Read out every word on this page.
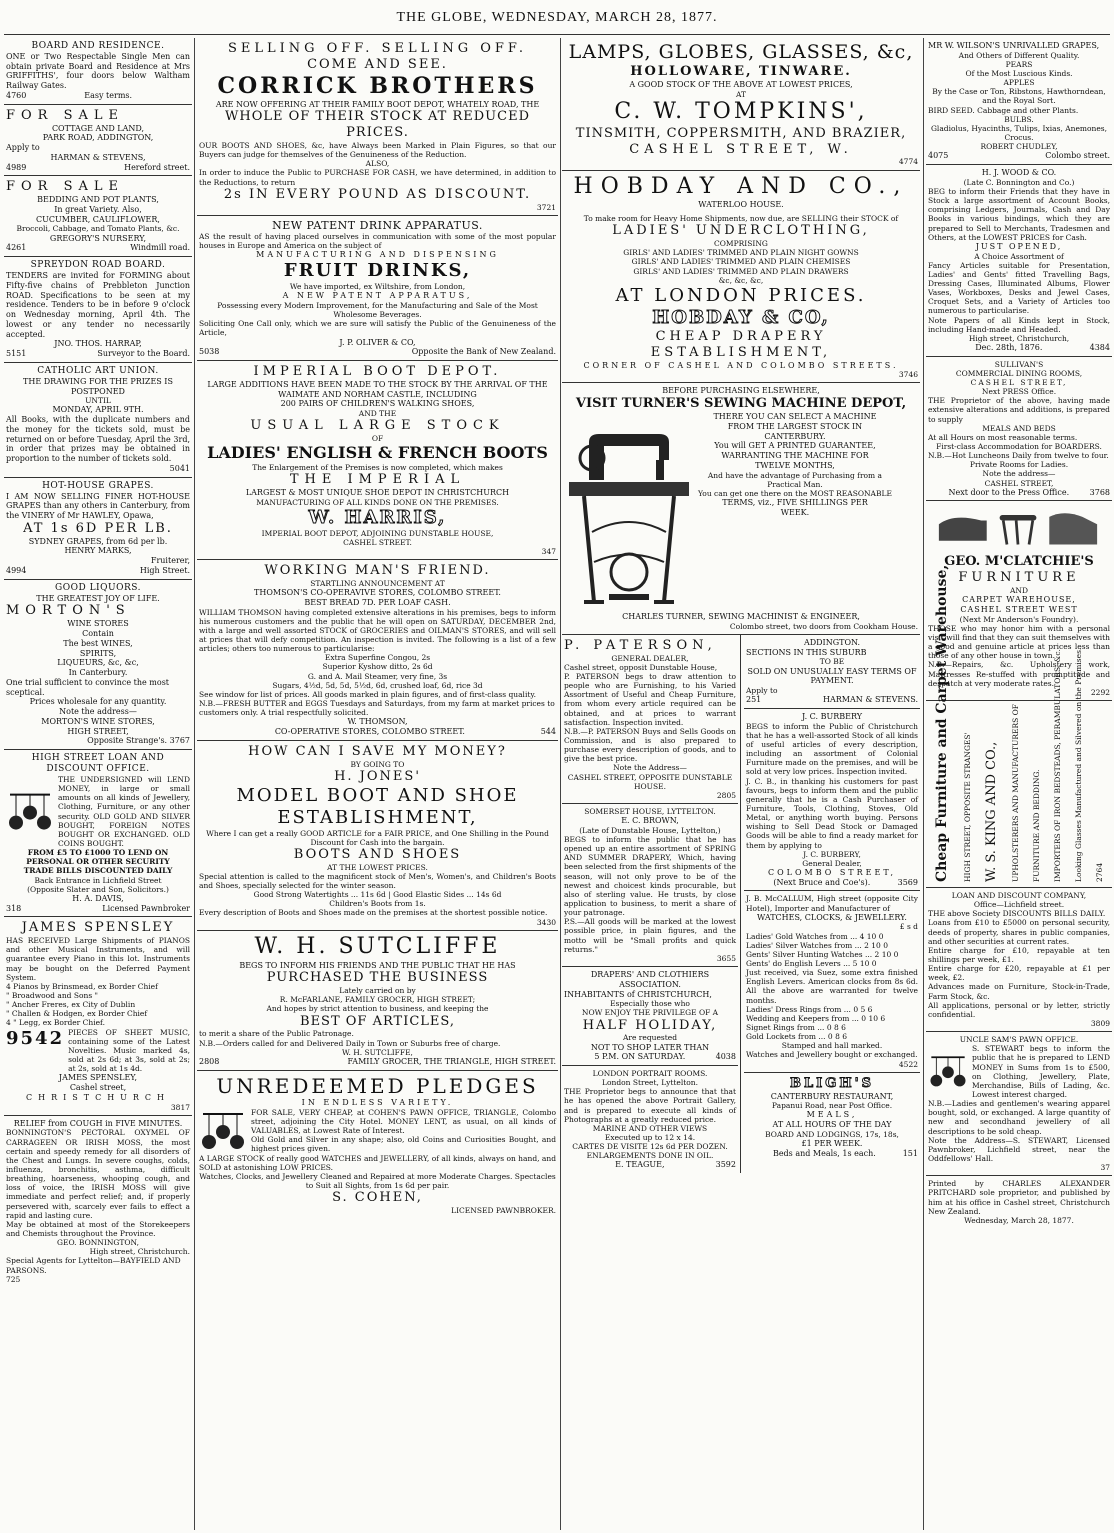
THE GLOBE, WEDNESDAY, MARCH 28, 1877.
BOARD AND RESIDENCE.
ONE or Two Respectable Single Men can obtain private Board and Residence at Mrs GRIFFITHS', four doors below Waltham Railway Gates.
4760	Easy terms.
FOR SALE
COTTAGE AND LAND,
PARK ROAD, ADDINGTON,
Apply to
HARMAN & STEVENS,
4989	Hereford street.
FOR SALE
BEDDING AND POT PLANTS,
In great Variety. Also,
CUCUMBER, CAULIFLOWER,
Broccoli, Cabbage, and Tomato Plants, &c.
GREGORY'S NURSERY,
4261	Windmill road.
SPREYDON ROAD BOARD.
TENDERS are invited for FORMING about Fifty-five chains of Prebbleton Junction ROAD. Specifications to be seen at my residence. Tenders to be in before 9 o'clock on Wednesday morning, April 4th. The lowest or any tender no necessarily accepted.
JNO. THOS. HARRAP,
5151	Surveyor to the Board.
CATHOLIC ART UNION.
THE DRAWING FOR THE PRIZES IS POSTPONED
UNTIL
MONDAY, APRIL 9TH.
All Books, with the duplicate numbers and the money for the tickets sold, must be returned on or before Tuesday, April the 3rd, in order that prizes may be obtained in proportion to the number of tickets sold.
5041
HOT-HOUSE GRAPES.
I AM NOW SELLING FINER HOT-HOUSE GRAPES than any others in Canterbury, from the VINERY of Mr HAWLEY, Opawa,
AT 1s 6D PER LB.
SYDNEY GRAPES, from 6d per lb.
HENRY MARKS,
Fruiterer,
4994	High Street.
GOOD LIQUORS.
THE GREATEST JOY OF LIFE.
MORTON'S
WINE STORES
Contain
The best WINES,
SPIRITS,
LIQUEURS, &c, &c,
In Canterbury.
One trial sufficient to convince the most sceptical.
Prices wholesale for any quantity.
Note the address—
MORTON'S WINE STORES,
HIGH STREET,
Opposite Strange's. 3767
HIGH STREET LOAN AND DISCOUNT OFFICE.
THE UNDERSIGNED will LEND MONEY, in large or small amounts on all kinds of Jewellery, Clothing, Furniture, or any other security. OLD GOLD AND SILVER BOUGHT, FOREIGN NOTES BOUGHT OR EXCHANGED. OLD COINS BOUGHT.
FROM £5 TO £1000 TO LEND ON PERSONAL OR OTHER SECURITY
TRADE BILLS DISCOUNTED DAILY
Back Entrance in Lichfield Street
(Opposite Slater and Son, Solicitors.)
H. A. DAVIS,
318	Licensed Pawnbroker
JAMES SPENSLEY
HAS RECEIVED Large Shipments of PIANOS and other Musical Instruments, and will guarantee every Piano in this lot. Instruments may be bought on the Deferred Payment System.
4 Pianos by Brinsmead, ex Border Chief
" Broadwood and Sons "
" Ancher Freres, ex City of Dublin
" Challen & Hodgen, ex Border Chief
4 " Legg, ex Border Chief.
9542 PIECES OF SHEET MUSIC, containing some of the Latest Novelties. Music marked 4s, sold at 2s 6d; at 3s, sold at 2s; at 2s, sold at 1s 4d.
JAMES SPENSLEY,
Cashel street,
CHRISTCHURCH
3817
RELIEF from COUGH in FIVE MINUTES.
BONNINGTON'S PECTORAL OXYMEL OF CARRAGEEN OR IRISH MOSS, the most certain and speedy remedy for all disorders of the Chest and Lungs. In severe coughs, colds, influenza, bronchitis, asthma, difficult breathing, hoarseness, whooping cough, and loss of voice, the IRISH MOSS will give immediate and perfect relief; and, if properly persevered with, scarcely ever fails to effect a rapid and lasting cure.
May be obtained at most of the Storekeepers and Chemists throughout the Province.
GEO. BONNINGTON,
High street, Christchurch.
Special Agents for Lyttelton—BAYFIELD AND PARSONS.
725
SELLING OFF. SELLING OFF.
COME AND SEE.
CORRICK BROTHERS
ARE NOW OFFERING AT THEIR FAMILY BOOT DEPOT, WHATELY ROAD, THE
WHOLE OF THEIR STOCK AT REDUCED PRICES.
OUR BOOTS AND SHOES, &c, have Always been Marked in Plain Figures, so that our Buyers can judge for themselves of the Genuineness of the Reduction.
ALSO,
In order to induce the Public to PURCHASE FOR CASH, we have determined, in addition to the Reductions, to return
2s IN EVERY POUND AS DISCOUNT.
3721
NEW PATENT DRINK APPARATUS.
AS the result of having placed ourselves in communication with some of the most popular houses in Europe and America on the subject of
MANUFACTURING AND DISPENSING
FRUIT DRINKS,
We have imported, ex Wiltshire, from London,
A NEW PATENT APPARATUS,
Possessing every Modern Improvement, for the Manufacturing and Sale of the Most Wholesome Beverages.
Soliciting One Call only, which we are sure will satisfy the Public of the Genuineness of the Article,
J. P. OLIVER & CO,
5038	Opposite the Bank of New Zealand.
IMPERIAL BOOT DEPOT.
LARGE ADDITIONS HAVE BEEN MADE TO THE STOCK BY THE ARRIVAL OF THE WAIMATE AND NORHAM CASTLE, INCLUDING
200 PAIRS OF CHILDREN'S WALKING SHOES,
AND THE
USUAL LARGE STOCK
OF
LADIES' ENGLISH & FRENCH BOOTS
The Enlargement of the Premises is now completed, which makes
THE IMPERIAL
LARGEST & MOST UNIQUE SHOE DEPOT IN CHRISTCHURCH
MANUFACTURING OF ALL KINDS DONE ON THE PREMISES.
W. HARRIS,
IMPERIAL BOOT DEPOT, ADJOINING DUNSTABLE HOUSE,
CASHEL STREET.
347
WORKING MAN'S FRIEND.
STARTLING ANNOUNCEMENT AT
THOMSON'S CO-OPERAVIVE STORES, COLOMBO STREET.
BEST BREAD 7D. PER LOAF CASH.
WILLIAM THOMSON having completed extensive alterations in his premises, begs to inform his numerous customers and the public that he will open on SATURDAY, DECEMBER 2nd, with a large and well assorted STOCK of GROCERIES and OILMAN'S STORES, and will sell at prices that will defy competition. An inspection is invited. The following is a list of a few articles; others too numerous to particularise:
Extra Superfine Congou, 2s
Superior Kyshow ditto, 2s 6d
G. and A. Mail Steamer, very fine, 3s
Sugars, 4½d, 5d, 5d, 5½d, 6d, crushed loaf, 6d, rice 3d
See window for list of prices. All goods marked in plain figures, and of first-class quality.
N.B.—FRESH BUTTER and EGGS Tuesdays and Saturdays, from my farm at market prices to customers only. A trial respectfully solicited.
W. THOMSON,
CO-OPERATIVE STORES, COLOMBO STREET.	544
HOW CAN I SAVE MY MONEY?
BY GOING TO
H. JONES'
MODEL BOOT AND SHOE
ESTABLISHMENT,
Where I can get a really GOOD ARTICLE for a FAIR PRICE, and One Shilling in the Pound Discount for Cash into the bargain.
BOOTS AND SHOES
AT THE LOWEST PRICES.
Special attention is called to the magnificent stock of Men's, Women's, and Children's Boots and Shoes, specially selected for the winter season.
Good Strong Watertights ... 11s 6d | Good Elastic Sides ... 14s 6d
Children's Boots from 1s.
Every description of Boots and Shoes made on the premises at the shortest possible notice.
3430
W. H. SUTCLIFFE
BEGS TO INFORM HIS FRIENDS AND THE PUBLIC THAT HE HAS
PURCHASED THE BUSINESS
Lately carried on by
R. McFARLANE, FAMILY GROCER, HIGH STREET;
And hopes by strict attention to business, and keeping the
BEST OF ARTICLES,
to merit a share of the Public Patronage.
N.B.—Orders called for and Delivered Daily in Town or Suburbs free of charge.
W. H. SUTCLIFFE,
2808	FAMILY GROCER, THE TRIANGLE, HIGH STREET.
UNREDEEMED PLEDGES
IN ENDLESS VARIETY.
FOR SALE, VERY CHEAP, at COHEN'S PAWN OFFICE, TRIANGLE, Colombo street, adjoining the City Hotel. MONEY LENT, as usual, on all kinds of VALUABLES, at Lowest Rate of Interest.
Old Gold and Silver in any shape; also, old Coins and Curiosities Bought, and highest prices given.
A LARGE STOCK of really good WATCHES and JEWELLERY, of all kinds, always on hand, and SOLD at astonishing LOW PRICES.
Watches, Clocks, and Jewellery Cleaned and Repaired at more Moderate Charges. Spectacles to Suit all Sights, from 1s 6d per pair.
S. COHEN,
LICENSED PAWNBROKER.
LAMPS, GLOBES, GLASSES, &c,
HOLLOWARE, TINWARE.
A GOOD STOCK OF THE ABOVE AT LOWEST PRICES,
AT
C. W. TOMPKINS',
TINSMITH, COPPERSMITH, AND BRAZIER,
CASHEL STREET, W.
4774
HOBDAY AND CO.,
WATERLOO HOUSE.
To make room for Heavy Home Shipments, now due, are SELLING their STOCK of
LADIES' UNDERCLOTHING,
COMPRISING
GIRLS' AND LADIES' TRIMMED AND PLAIN NIGHT GOWNS
GIRLS' AND LADIES' TRIMMED AND PLAIN CHEMISES
GIRLS' AND LADIES' TRIMMED AND PLAIN DRAWERS
&c, &c, &c,
AT LONDON PRICES.
HOBDAY & CO,
CHEAP DRAPERY ESTABLISHMENT,
CORNER OF CASHEL AND COLOMBO STREETS.
3746
BEFORE PURCHASING ELSEWHERE,
VISIT TURNER'S SEWING MACHINE DEPOT,
THERE YOU CAN SELECT A MACHINE
FROM THE LARGEST STOCK IN
CANTERBURY.
You will GET A PRINTED GUARANTEE,
WARRANTING THE MACHINE FOR
TWELVE MONTHS,
And have the advantage of Purchasing from a
Practical Man.
You can get one there on the MOST REASONABLE
TERMS, viz., FIVE SHILLINGS PER
WEEK.
CHARLES TURNER, SEWING MACHINIST & ENGINEER,
Colombo street, two doors from Cookham House.
P. PATERSON,
GENERAL DEALER,
Cashel street, opposit Dunstable House,
P. PATERSON begs to draw attention to people who are Furnishing, to his Varied Assortment of Useful and Cheap Furniture, from whom every article required can be obtained, and at prices to warrant satisfaction. Inspection invited.
N.B.—P. PATERSON Buys and Sells Goods on Commission, and is also prepared to purchase every description of goods, and to give the best price.
Note the Address—
CASHEL STREET, OPPOSITE DUNSTABLE HOUSE.
2805
SOMERSET HOUSE, LYTTELTON.
E. C. BROWN,
(Late of Dunstable House, Lyttelton,)
BEGS to inform the public that he has opened up an entire assortment of SPRING AND SUMMER DRAPERY, Which, having been selected from the first shipments of the season, will not only prove to be of the newest and choicest kinds procurable, but also of sterling value. He trusts, by close application to business, to merit a share of your patronage.
P.S.—All goods will be marked at the lowest possible price, in plain figures, and the motto will be "Small profits and quick returns."
3655
DRAPERS' AND CLOTHIERS ASSOCIATION.
INHABITANTS of CHRISTCHURCH,
Especially those who
NOW ENJOY THE PRIVILEGE OF A
HALF HOLIDAY,
Are requested
NOT TO SHOP LATER THAN
5 P.M. ON SATURDAY.	4038
LONDON PORTRAIT ROOMS.
London Street, Lyttelton.
THE Proprietor begs to announce that that he has opened the above Portrait Gallery, and is prepared to execute all kinds of Photographs at a greatly reduced price.
MARINE AND OTHER VIEWS
Executed up to 12 x 14.
CARTES DE VISITE 12s 6d PER DOZEN.
ENLARGEMENTS DONE IN OIL.
E. TEAGUE,	3592
ADDINGTON.
SECTIONS IN THIS SUBURB
TO BE
SOLD ON UNUSUALLY EASY TERMS OF PAYMENT.
Apply to
251	HARMAN & STEVENS.
J. C. BURBERY
BEGS to inform the Public of Christchurch that he has a well-assorted Stock of all kinds of useful articles of every description, including an assortment of Colonial Furniture made on the premises, and will be sold at very low prices. Inspection invited.
J. C. B., in thanking his customers for past favours, begs to inform them and the public generally that he is a Cash Purchaser of Furniture, Tools, Clothing, Stoves, Old Metal, or anything worth buying. Persons wishing to Sell Dead Stock or Damaged Goods will be able to find a ready market for them by applying to
J. C. BURBERY,
General Dealer,
COLOMBO STREET,
(Next Bruce and Coe's).	3569
J. B. McCALLUM, High street (opposite City Hotel), Importer and Manufacturer of
WATCHES, CLOCKS, & JEWELLERY.
£ s d
Ladies' Gold Watches from ... 4 10 0
Ladies' Silver Watches from ... 2 10 0
Gents' Silver Hunting Watches ... 2 10 0
Gents' do English Levers ... 5 10 0
Just received, via Suez, some extra finished English Levers. American clocks from 8s 6d. All the above are warranted for twelve months.
Ladies' Dress Rings from ... 0 5 6
Wedding and Keepers from ... 0 10 6
Signet Rings from ... 0 8 6
Gold Lockets from ... 0 8 6
Stamped and hall marked.
Watches and Jewellery bought or exchanged.
4522
BLIGH'S
CANTERBURY RESTAURANT,
Papanui Road, near Post Office.
MEALS,
AT ALL HOURS OF THE DAY
BOARD AND LODGINGS, 17s, 18s,
£1 PER WEEK.
Beds and Meals, 1s each.	151
MR W. WILSON'S UNRIVALLED GRAPES,
And Others of Different Quality.
PEARS
Of the Most Luscious Kinds.
APPLES
By the Case or Ton, Ribstons, Hawthorndean, and the Royal Sort.
BIRD SEED. Cabbage and other Plants.
BULBS.
Gladiolus, Hyacinths, Tulips, Ixias, Anemones, Crocus.
ROBERT CHUDLEY,
4075	Colombo street.
H. J. WOOD & CO.
(Late C. Bonnington and Co.)
BEG to inform their Friends that they have in Stock a large assortment of Account Books, comprising Ledgers, Journals, Cash and Day Books in various bindings, which they are prepared to Sell to Merchants, Tradesmen and Others, at the LOWEST PRICES for Cash.
JUST OPENED,
A Choice Assortment of
Fancy Articles suitable for Presentation, Ladies' and Gents' fitted Travelling Bags, Dressing Cases, Illuminated Albums, Flower Vases, Workboxes, Desks and Jewel Cases, Croquet Sets, and a Variety of Articles too numerous to particularise.
Note Papers of all Kinds kept in Stock, including Hand-made and Headed.
High street, Christchurch,
Dec. 28th, 1876.	4384
SULLIVAN'S
COMMERCIAL DINING ROOMS,
CASHEL STREET,
Next PRESS Office.
THE Proprietor of the above, having made extensive alterations and additions, is prepared to supply
MEALS AND BEDS
At all Hours on most reasonable terms.
First-class Accommodation for BOARDERS.
N.B.—Hot Luncheons Daily from twelve to four.
Private Rooms for Ladies.
Note the address—
CASHEL STREET,
Next door to the Press Office.	3768
GEO. M'CLATCHIE'S
FURNITURE
AND
CARPET WAREHOUSE,
CASHEL STREET WEST
(Next Mr Anderson's Foundry).
THOSE who may honor him with a personal visit will find that they can suit themselves with a good and genuine article at prices less than those of any other house in town.
N.B.—Repairs, &c. Upholstery work, Mattresses Re-stuffed with promptitude and despatch at very moderate rates.
2292
Cheap Furniture and Carpet Warehouse, HIGH STREET, OPPOSITE STRANGES' W. S. KING AND CO., UPHOLSTERERS AND MANUFACTURERS OF FURNITURE AND BEDDING. IMPORTERS OF IRON BEDSTEADS, PERAMBULATORS, &c. Looking Glasses Manufactured and Silvered on the Premises. 2764
LOAN AND DISCOUNT COMPANY,
Office—Lichfield street.
THE above Society DISCOUNTS BILLS DAILY.
Loans from £10 to £5000 on personal security, deeds of property, shares in public companies, and other securities at current rates.
Entire charge for £10, repayable at ten shillings per week, £1.
Entire charge for £20, repayable at £1 per week, £2.
Advances made on Furniture, Stock-in-Trade, Farm Stock, &c.
All applications, personal or by letter, strictly confidential.
3809
UNCLE SAM'S PAWN OFFICE.
S. STEWART begs to inform the public that he is prepared to LEND MONEY in Sums from 1s to £500, on Clothing, Jewellery, Plate, Merchandise, Bills of Lading, &c. Lowest interest charged.
N.B.—Ladies and gentlemen's wearing apparel bought, sold, or exchanged. A large quantity of new and secondhand jewellery of all descriptions to be sold cheap.
Note the Address—S. STEWART, Licensed Pawnbroker, Lichfield street, near the Oddfellows' Hall.
37
Printed by CHARLES ALEXANDER PRITCHARD sole proprietor, and published by him at his office in Cashel street, Christchurch New Zealand.
Wednesday, March 28, 1877.
